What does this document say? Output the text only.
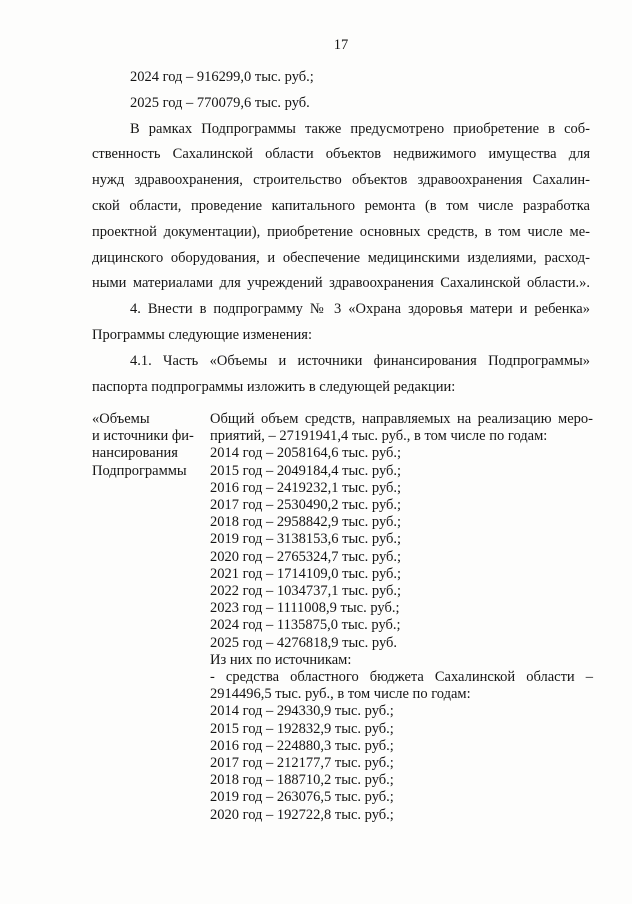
17
2024 год – 916299,0 тыс. руб.;
2025 год – 770079,6 тыс. руб.
В рамках Подпрограммы также предусмотрено приобретение в соб-
ственность Сахалинской области объектов недвижимого имущества для
нужд здравоохранения, строительство объектов здравоохранения Сахалин-
ской области, проведение капитального ремонта (в том числе разработка
проектной документации), приобретение основных средств, в том числе ме-
дицинского оборудования, и обеспечение медицинскими изделиями, расход-
ными материалами для учреждений здравоохранения Сахалинской области.».
4. Внести в подпрограмму № 3 «Охрана здоровья матери и ребенка»
Программы следующие изменения:
4.1. Часть «Объемы и источники финансирования Подпрограммы»
паспорта подпрограммы изложить в следующей редакции:
«Объемы
и источники фи-
нансирования
Подпрограммы
Общий объем средств, направляемых на реализацию меро-
приятий, – 27191941,4 тыс. руб., в том числе по годам:
2014 год – 2058164,6 тыс. руб.;
2015 год – 2049184,4 тыс. руб.;
2016 год – 2419232,1 тыс. руб.;
2017 год – 2530490,2 тыс. руб.;
2018 год – 2958842,9 тыс. руб.;
2019 год – 3138153,6 тыс. руб.;
2020 год – 2765324,7 тыс. руб.;
2021 год – 1714109,0 тыс. руб.;
2022 год – 1034737,1 тыс. руб.;
2023 год – 1111008,9 тыс. руб.;
2024 год – 1135875,0 тыс. руб.;
2025 год – 4276818,9 тыс. руб.
Из них по источникам:
- средства областного бюджета Сахалинской области –
2914496,5 тыс. руб., в том числе по годам:
2014 год – 294330,9 тыс. руб.;
2015 год – 192832,9 тыс. руб.;
2016 год – 224880,3 тыс. руб.;
2017 год – 212177,7 тыс. руб.;
2018 год – 188710,2 тыс. руб.;
2019 год – 263076,5 тыс. руб.;
2020 год – 192722,8 тыс. руб.;
